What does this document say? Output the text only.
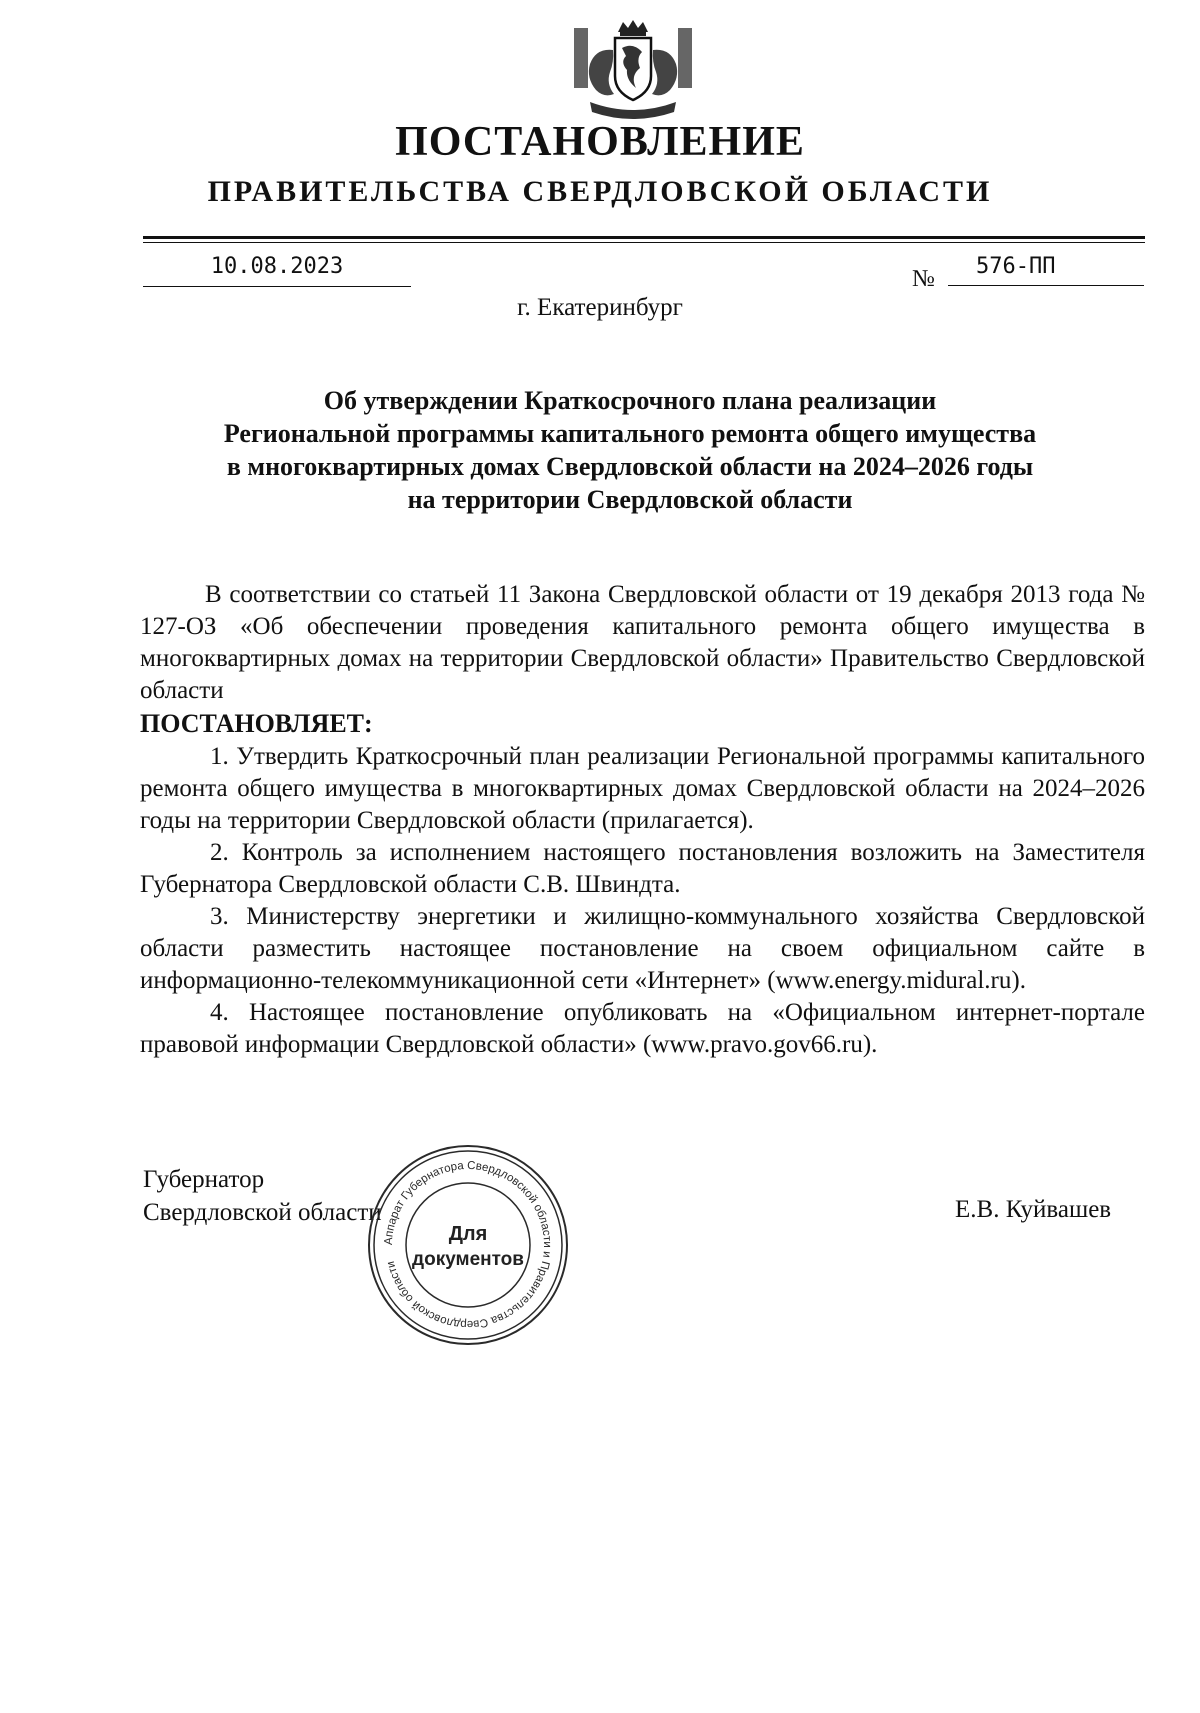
ПОСТАНОВЛЕНИЕ
ПРАВИТЕЛЬСТВА СВЕРДЛОВСКОЙ ОБЛАСТИ
10.08.2023	№	576-ПП
г. Екатеринбург
Об утверждении Краткосрочного плана реализации
Региональной программы капитального ремонта общего имущества
в многоквартирных домах Свердловской области на 2024–2026 годы
на территории Свердловской области
В соответствии со статьей 11 Закона Свердловской области от 19 декабря 2013 года № 127-ОЗ «Об обеспечении проведения капитального ремонта общего имущества в многоквартирных домах на территории Свердловской области» Правительство Свердловской области
ПОСТАНОВЛЯЕТ:
1. Утвердить Краткосрочный план реализации Региональной программы капитального ремонта общего имущества в многоквартирных домах Свердловской области на 2024–2026 годы на территории Свердловской области (прилагается).
2. Контроль за исполнением настоящего постановления возложить на Заместителя Губернатора Свердловской области С.В. Швиндта.
3. Министерству энергетики и жилищно-коммунального хозяйства Свердловской области разместить настоящее постановление на своем официальном сайте в информационно-телекоммуникационной сети «Интернет» (www.energy.midural.ru).
4. Настоящее постановление опубликовать на «Официальном интернет-портале правовой информации Свердловской области» (www.pravo.gov66.ru).
Губернатор
Свердловской области	Е.В. Куйвашев
Аппарат Губернатора Свердловской области и Правительства Свердловской области
Для
документов
